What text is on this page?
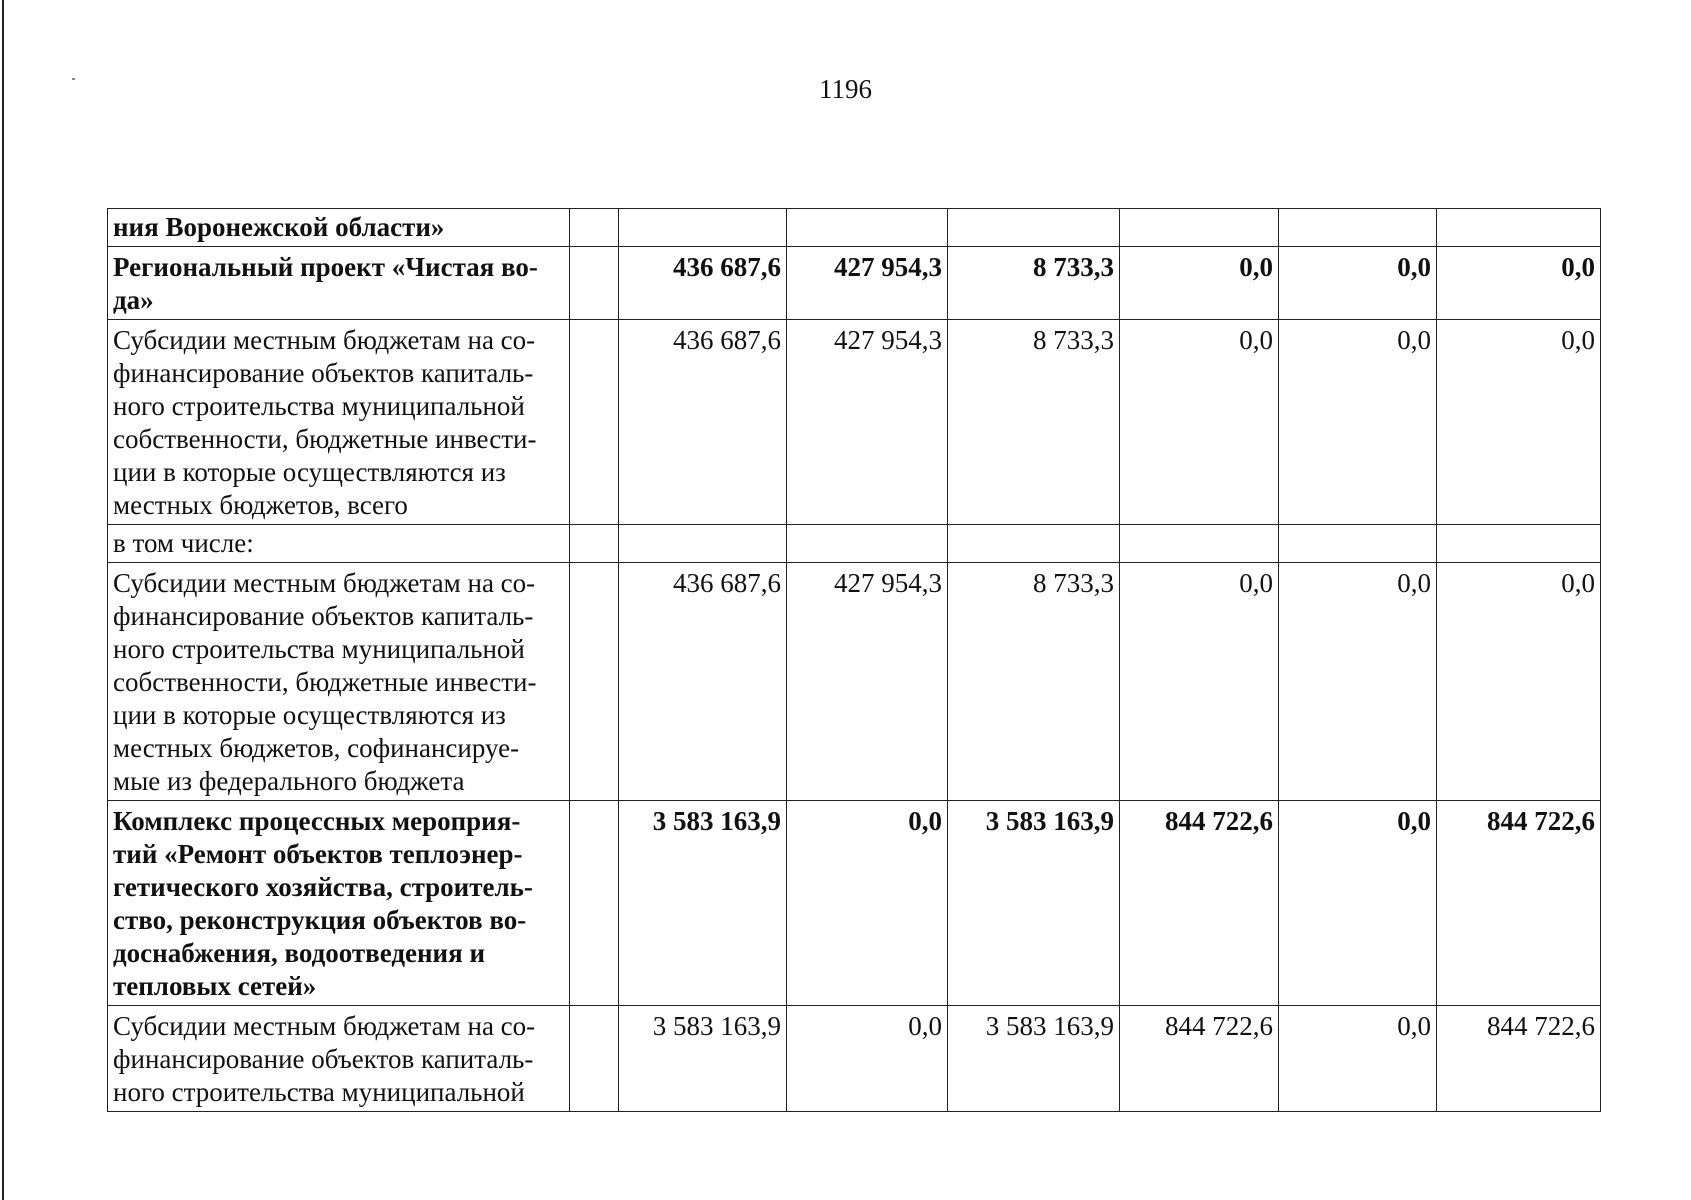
1196
ния Воронежской области»							
Региональный проект «Чистая во-да»		436 687,6	427 954,3	8 733,3	0,0	0,0	0,0
Субсидии местным бюджетам на со-финансирование объектов капиталь-ного строительства муниципальной собственности, бюджетные инвести-ции в которые осуществляются из местных бюджетов, всего		436 687,6	427 954,3	8 733,3	0,0	0,0	0,0
в том числе:							
Субсидии местным бюджетам на со-финансирование объектов капиталь-ного строительства муниципальной собственности, бюджетные инвести-ции в которые осуществляются из местных бюджетов, софинансируе-мые из федерального бюджета		436 687,6	427 954,3	8 733,3	0,0	0,0	0,0
Комплекс процессных мероприя-тий «Ремонт объектов теплоэнер-гетического хозяйства, строитель-ство, реконструкция объектов во-доснабжения, водоотведения и тепловых сетей»		3 583 163,9	0,0	3 583 163,9	844 722,6	0,0	844 722,6
Субсидии местным бюджетам на со-финансирование объектов капиталь-ного строительства муниципальной		3 583 163,9	0,0	3 583 163,9	844 722,6	0,0	844 722,6
